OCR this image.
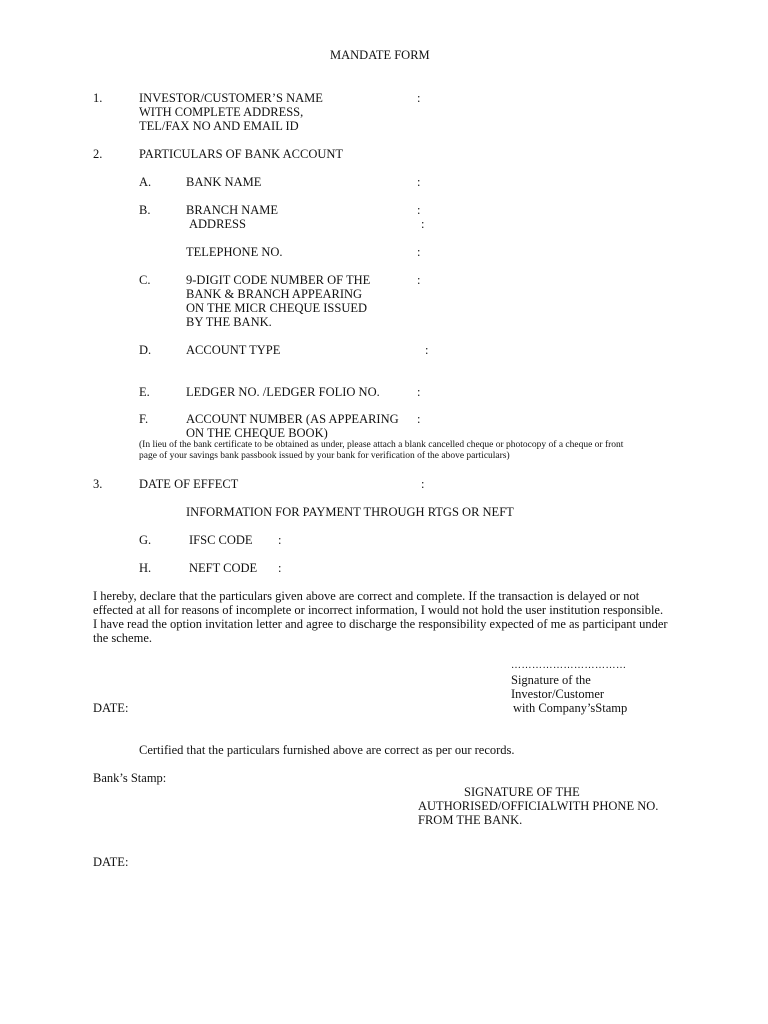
MANDATE FORM
1.	INVESTOR/CUSTOMER’S NAME
WITH COMPLETE ADDRESS,
TEL/FAX NO AND EMAIL ID
:
2.	PARTICULARS OF BANK ACCOUNT
A.	BANK NAME	:
B.	BRANCH NAME	:
ADDRESS	:
TELEPHONE NO.	:
C.	9-DIGIT CODE NUMBER OF THE
BANK & BRANCH APPEARING
ON THE MICR CHEQUE ISSUED
BY THE BANK.
:
D.	ACCOUNT TYPE	:
E.	LEDGER NO. /LEDGER FOLIO NO.	:
F.	ACCOUNT NUMBER (AS APPEARING
ON THE CHEQUE BOOK)
:
(In lieu of the bank certificate to be obtained as under, please attach a blank cancelled cheque or photocopy of a cheque or front
page of your savings bank passbook issued by your bank for verification of the above particulars)
3.	DATE OF EFFECT	:
INFORMATION FOR PAYMENT THROUGH RTGS OR NEFT
G.	IFSC CODE :
H.	NEFT CODE :
I hereby, declare that the particulars given above are correct and complete. If the transaction is delayed or not
effected at all for reasons of incomplete or incorrect information, I would not hold the user institution responsible.
I have read the option invitation letter and agree to discharge the responsibility expected of me as participant under
the scheme.
……………………………
Signature of the
Investor/Customer
with Company’sStamp
DATE:
Certified that the particulars furnished above are correct as per our records.
Bank’s Stamp:
SIGNATURE OF THE
AUTHORISED/OFFICIALWITH PHONE NO.
FROM THE BANK.
DATE:
